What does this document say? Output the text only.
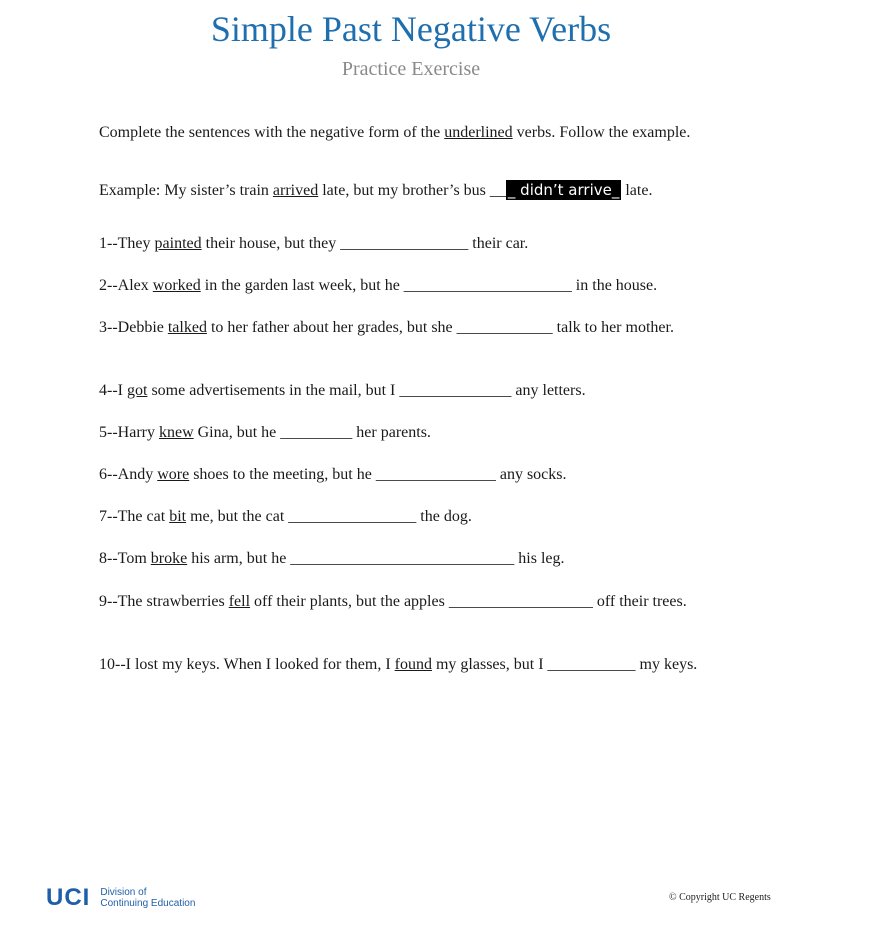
Simple Past Negative Verbs
Practice Exercise
Complete the sentences with the negative form of the underlined verbs. Follow the example.
Example: My sister’s train arrived late, but my brother’s bus __ _ didn’t arrive_ late.
1--They painted their house, but they ________________ their car.
2--Alex worked in the garden last week, but he _____________________ in the house.
3--Debbie talked to her father about her grades, but she ____________ talk to her mother.
4--I got some advertisements in the mail, but I ______________ any letters.
5--Harry knew Gina, but he _________ her parents.
6--Andy wore shoes to the meeting, but he _______________ any socks.
7--The cat bit me, but the cat ________________ the dog.
8--Tom broke his arm, but he ____________________________ his leg.
9--The strawberries fell off their plants, but the apples __________________ off their trees.
10--I lost my keys. When I looked for them, I found my glasses, but I ___________ my keys.
UCI Division of
Continuing Education
© Copyright UC Regents
